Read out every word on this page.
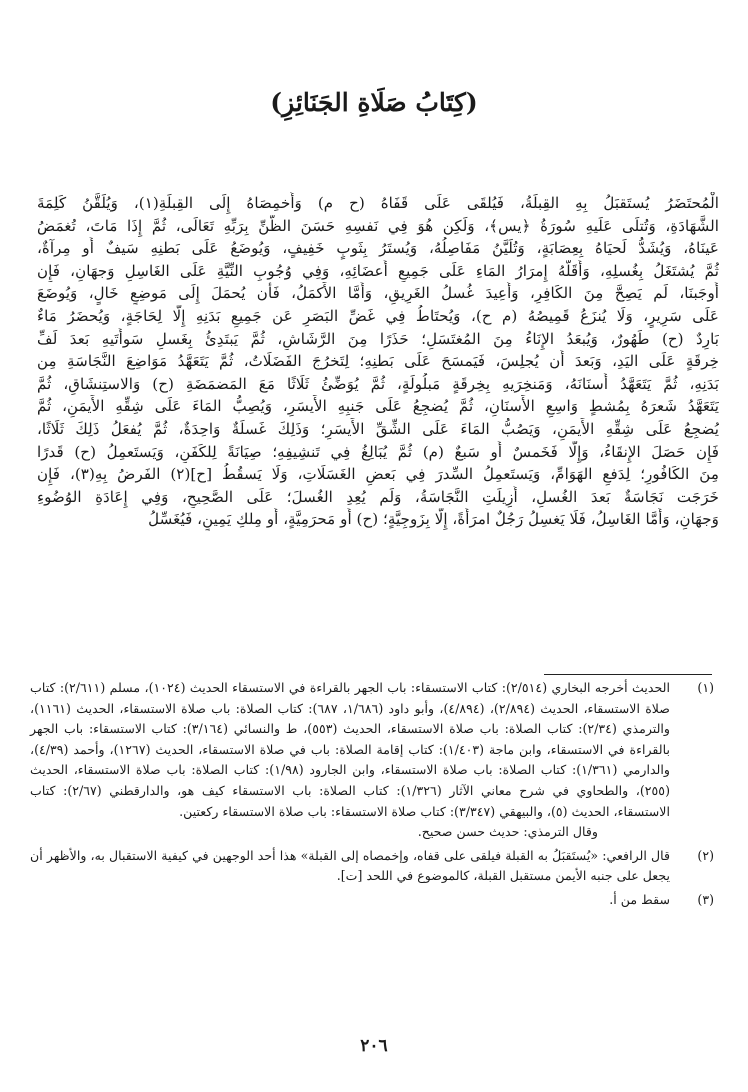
(كِتَابُ صَلَاةِ الجَنَائِزِ)
الْمُحتَضَرُ يُستَقبَلُ بِهِ القِبلَةُ، فَيُلقَى عَلَى قَفَاهُ (ح م) وَأُخمِصَاهُ إِلَى القِبلَةِ(١)، وَيُلَقَّنُ كَلِمَةَ
الشَّهَادَةِ، وَتُتلَى عَلَيهِ سُورَةُ ﴿يس﴾، وَلَكِن هُوَ فِي نَفسِهِ حَسَنَ الظَّنِّ بِرَبِّهِ تَعَالَى، ثُمَّ إِذَا مَاتَ، تُغمَضُ
عَينَاهُ، وَيُشَدُّ لَحيَاهُ بِعِصَابَةٍ، وَتُلَيَّنُ مَفَاصِلُهُ، وَيُستَرُ بِثَوبٍ خَفِيفٍ، وَيُوضَعُ عَلَى بَطنِهِ سَيفٌ أَو مِرآةٌ،
ثُمَّ يُشتَغَلُ بِغُسلِهِ، وَأَقَلُّهُ إِمرَارُ المَاءِ عَلَى جَمِيعِ أَعضَائِهِ، وَفِي وُجُوبِ النِّيَّةِ عَلَى الغَاسِلِ وَجهَانِ، فَإِن
أَوجَبنَا، لَم يَصِحَّ مِنَ الكَافِرِ، وَأُعِيدَ غُسلُ الغَرِيقِ، وَأَمَّا الأَكمَلُ، فَأَن يُحمَلَ إِلَى مَوضِعٍ خَالٍ، وَيُوضَعَ
عَلَى سَرِيرٍ، وَلَا يُنزَعُ قَمِيصُهُ (م ح)، وَيُحتَاطُ فِي غَضِّ البَصَرِ عَن جَمِيعِ بَدَنِهِ إِلَّا لِحَاجَةٍ، وَيُحضَرُ مَاءٌ
بَارِدٌ (ح) طَهُورٌ، وَيُبعَدُ الإِنَاءُ مِنَ المُغتَسَلِ؛ حَذَرًا مِنَ الرَّشَاشِ، ثُمَّ يَبتَدِئُ بِغَسلِ سَوأَتَيهِ بَعدَ لَفِّ
خِرقَةٍ عَلَى اليَدِ، وَبَعدَ أَن يُجلِسَ، فَيَمسَحَ عَلَى بَطنِهِ؛ لِتَخرُجَ الفَضَلَاتُ، ثُمَّ يَتَعَهَّدُ مَوَاضِعَ النَّجَاسَةِ مِن
بَدَنِهِ، ثُمَّ يَتَعَهَّدُ أَسنَانَهُ، وَمَنخِرَيهِ بِخِرقَةٍ مَبلُولَةٍ، ثُمَّ يُوَضِّئُ ثَلَاثًا مَعَ المَضمَضَةِ (ح) وَالاستِنشَاقِ، ثُمَّ
يَتَعَهَّدُ شَعرَهُ بِمُشطٍ وَاسِعِ الأَسنَانِ، ثُمَّ يُضجِعُ عَلَى جَنبِهِ الأَيسَرِ، وَيُصِبُّ المَاءَ عَلَى شِقِّهِ الأَيمَنِ، ثُمَّ
يُضجِعُ عَلَى شِقِّهِ الأَيمَنِ، وَيَصُبُّ المَاءَ عَلَى الشِّقِّ الأَيسَرِ؛ وَذَلِكَ غَسلَةٌ وَاحِدَةٌ، ثُمَّ يُفعَلُ ذَلِكَ ثَلَاثًا،
فَإِن حَصَلَ الإِنقَاءُ، وَإِلَّا فَخَمسٌ أَو سَبعٌ (م) ثُمَّ يُبَالِغُ فِي تَنشِيفِهِ؛ صِيَانَةً لِلكَفَنِ، وَيَستَعمِلُ (ح) قَدرًا
مِنَ الكَافُورِ؛ لِدَفعِ الهَوَامِّ، وَيَستَعمِلُ السِّدرَ فِي بَعضِ الغَسَلَاتِ، وَلَا يَسقُطُ [ح](٢) الفَرضُ بِهِ(٣)، فَإِن
خَرَجَت نَجَاسَةٌ بَعدَ الغُسلِ، أُزِيلَتِ النَّجَاسَةُ، وَلَم يُعِدِ الغُسلَ؛ عَلَى الصَّحِيحِ، وَفِي إِعَادَةِ الوُضُوءِ
وَجهَانِ، وَأَمَّا الغَاسِلُ، فَلَا يَغسِلُ رَجُلٌ امرَأَةً، إِلَّا بِزَوجِيَّةٍ؛ (ح) أَو مَحرَمِيَّةٍ، أَو مِلكِ يَمِينٍ، فَيُغَسِّلُ
(١)
الحديث أخرجه البخاري (٢/٥١٤): كتاب الاستسقاء: باب الجهر بالقراءة في الاستسقاء الحديث (١٠٢٤)، مسلم (٢/٦١١): كتاب صلاة الاستسقاء، الحديث (٢/٨٩٤)، (٤/٨٩٤)، وأبو داود (١/٦٨٦، ٦٨٧): كتاب الصلاة: باب صلاة الاستسقاء، الحديث (١١٦١)، والترمذي (٢/٣٤): كتاب الصلاة: باب صلاة الاستسقاء، الحديث (٥٥٣)، ط والنسائي (٣/١٦٤): كتاب الاستسقاء: باب الجهر بالقراءة في الاستسقاء، وابن ماجة (١/٤٠٣): كتاب إقامة الصلاة: باب في صلاة الاستسقاء، الحديث (١٢٦٧)، وأحمد (٤/٣٩)، والدارمي (١/٣٦١): كتاب الصلاة: باب صلاة الاستسقاء، وابن الجارود (١/٩٨): كتاب الصلاة: باب صلاة الاستسقاء، الحديث (٢٥٥)، والطحاوي في شرح معاني الآثار (١/٣٢٦): كتاب الصلاة: باب الاستسقاء كيف هو، والدارقطني (٢/٦٧): كتاب الاستسقاء، الحديث (٥)، والبيهقي (٣/٣٤٧): كتاب صلاة الاستسقاء: باب صلاة الاستسقاء ركعتين.
وقال الترمذي: حديث حسن صحيح.
(٢)
قال الرافعي: «يُستَقبَلُ به القبلة فيلقى على قفاه، وإخمصاه إلى القبلة» هذا أحد الوجهين في كيفية الاستقبال به، والأظهر أن يجعل على جنبه الأيمن مستقبل القبلة، كالموضوع في اللحد [ت].
(٣)
سقط من أ.
٢٠٦
